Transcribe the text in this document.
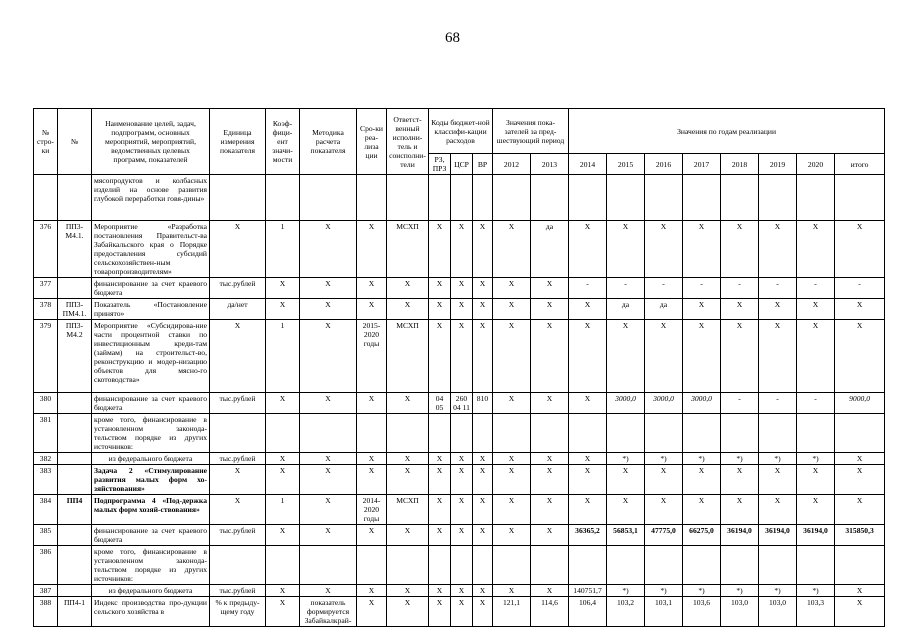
68
№ стро-ки	№	Наименование целей, задач, подпрограмм, основных мероприятий, мероприятий, ведомственных целевых программ, показателей	Единица измерения показателя	Коэф-фици-ент значи-мости	Методика расчета показателя	Сро-ки реа-лиза ции	Ответст-венный исполни-тель и соисполни-тели	Коды бюджет-ной классифи-кации расходов			Значения пока-зателей за пред-шествующий период		Значения по годам реализации							
								РЗ, ПРЗ	ЦСР	ВР	2012	2013	2014	2015	2016	2017	2018	2019	2020	итого
		мясопродуктов и колбасных изделий на основе развития глубокой переработки говя-дины»																		
376	ПП3-М4.1.	Мероприятие «Разработка постановления Правительст-ва Забайкальского края о Порядке предоставления субсидий сельскохозяйствен-ным товаропроизводителям»	Х	1	Х	Х	МСХП	Х	Х	Х	Х	да	Х	Х	Х	Х	Х	Х	Х	Х
377		финансирование за счет краевого бюджета	тыс.рублей	Х	Х	Х	Х	Х	Х	Х	Х	Х	-	-	-	-	-	-	-	-
378	ПП3-ПМ4.1.	Показатель «Постановление принято»	да/нет	Х	Х	Х	Х	Х	Х	Х	Х	Х	Х	да	да	Х	Х	Х	Х	Х
379	ПП3-М4.2	Мероприятие «Субсидирова-ние части процентной ставки по инвестиционным креди-там (займам) на строительст-во, реконструкцию и модер-низацию объектов для мясно-го скотоводства»	Х	1	Х	2015-2020 годы	МСХП	Х	Х	Х	Х	Х	Х	Х	Х	Х	Х	Х	Х	Х
380		финансирование за счет краевого бюджета	тыс.рублей	Х	Х	Х	Х	04 05	260 04 11	810	Х	Х	Х	3000,0	3000,0	3000,0	-	-	-	9000,0
381		кроме того, финансирование в установленном законода-тельством порядке из других источников:																		
382		из федерального бюджета	тыс.рублей	Х	Х	Х	Х	Х	Х	Х	Х	Х	Х	*)	*)	*)	*)	*)	*)	Х
383		Задача 2 «Стимулирование развития малых форм хо-зяйствования»	Х	Х	Х	Х	Х	Х	Х	Х	Х	Х	Х	Х	Х	Х	Х	Х	Х	Х
384	ПП4	Подпрограмма 4 «Под-держка малых форм хозяй-ствования»	Х	1	Х	2014-2020 годы	МСХП	Х	Х	Х	Х	Х	Х	Х	Х	Х	Х	Х	Х	Х
385		финансирование за счет краевого бюджета	тыс.рублей	Х	Х	Х	Х	Х	Х	Х	Х	Х	36365,2	56853,1	47775,0	66275,0	36194,0	36194,0	36194,0	315850,3
386		кроме того, финансирование в установленном законода-тельством порядке из других источников:																		
387		из федерального бюджета	тыс.рублей	Х	Х	Х	Х	Х	Х	Х	Х	Х	140751,7	*)	*)	*)	*)	*)	*)	Х
388	ПП4-1	Индекс производства про-дукции сельского хозяйства в	% к предыду-щему году	Х	показатель формируется Забайкалкрай-	Х	Х	Х	Х	Х	121,1	114,6	106,4	103,2	103,1	103,6	103,0	103,0	103,3	Х
